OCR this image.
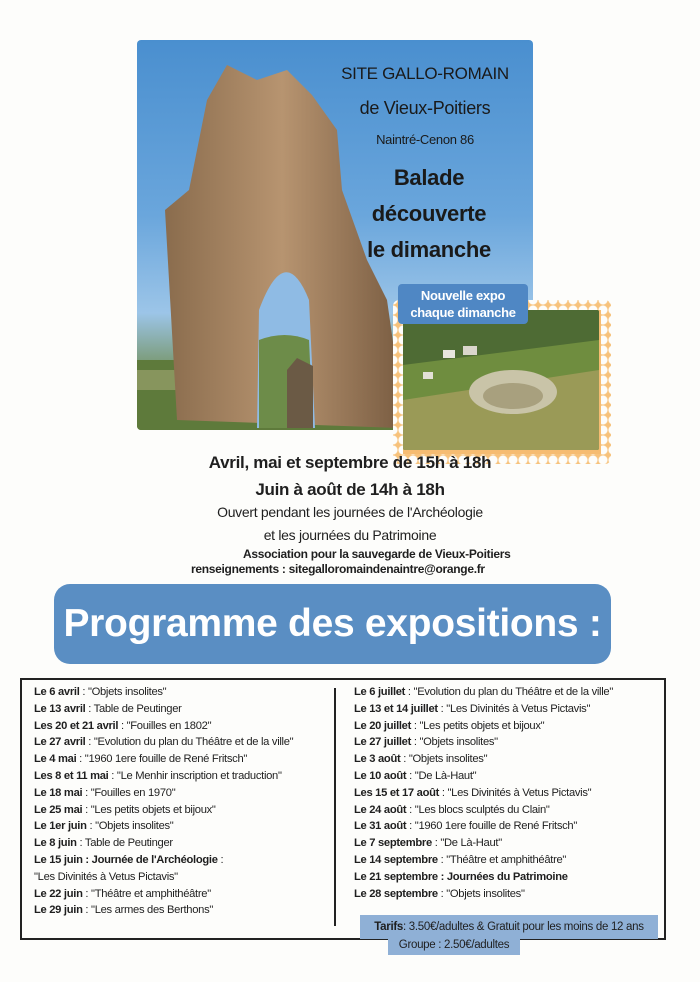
SITE GALLO-ROMAIN
de Vieux-Poitiers
Naintré-Cenon 86
Balade
découverte
le dimanche
Nouvelle expo
chaque dimanche
Avril, mai et septembre de 15h à 18h
Juin à août de 14h à 18h
Ouvert pendant les journées de l'Archéologie
et les journées du Patrimoine
Association pour la sauvegarde de Vieux-Poitiers
renseignements : sitegalloromaindenaintre@orange.fr
Programme des expositions :
Le 6 avril : "Objets insolites"
Le 13 avril : Table de Peutinger
Les 20 et 21 avril : "Fouilles en 1802"
Le 27 avril : "Evolution du plan du Théâtre et de la ville"
Le 4 mai : "1960 1ere fouille de René Fritsch"
Les 8 et 11 mai : "Le Menhir inscription et traduction"
Le 18 mai : "Fouilles en 1970"
Le 25 mai : "Les petits objets et bijoux"
Le 1er juin : "Objets insolites"
Le 8 juin : Table de Peutinger
Le 15 juin : Journée de l'Archéologie :
"Les Divinités à Vetus Pictavis"
Le 22 juin : "Théâtre et amphithéâtre"
Le 29 juin : "Les armes des Berthons"
Le 6 juillet : "Evolution du plan du Théâtre et de la ville"
Le 13 et 14 juillet : "Les Divinités à Vetus Pictavis"
Le 20 juillet : "Les petits objets et bijoux"
Le 27 juillet : "Objets insolites"
Le 3 août : "Objets insolites"
Le 10 août : "De Là-Haut"
Les 15 et 17 août : "Les Divinités à Vetus Pictavis"
Le 24 août : "Les blocs sculptés du Clain"
Le 31 août : "1960 1ere fouille de René Fritsch"
Le 7 septembre : "De Là-Haut"
Le 14 septembre : "Théâtre et amphithéâtre"
Le 21 septembre : Journées du Patrimoine
Le 28 septembre : "Objets insolites"
Tarifs : 3.50€/adultes & Gratuit pour les moins de 12 ans
Groupe : 2.50€/adultes
